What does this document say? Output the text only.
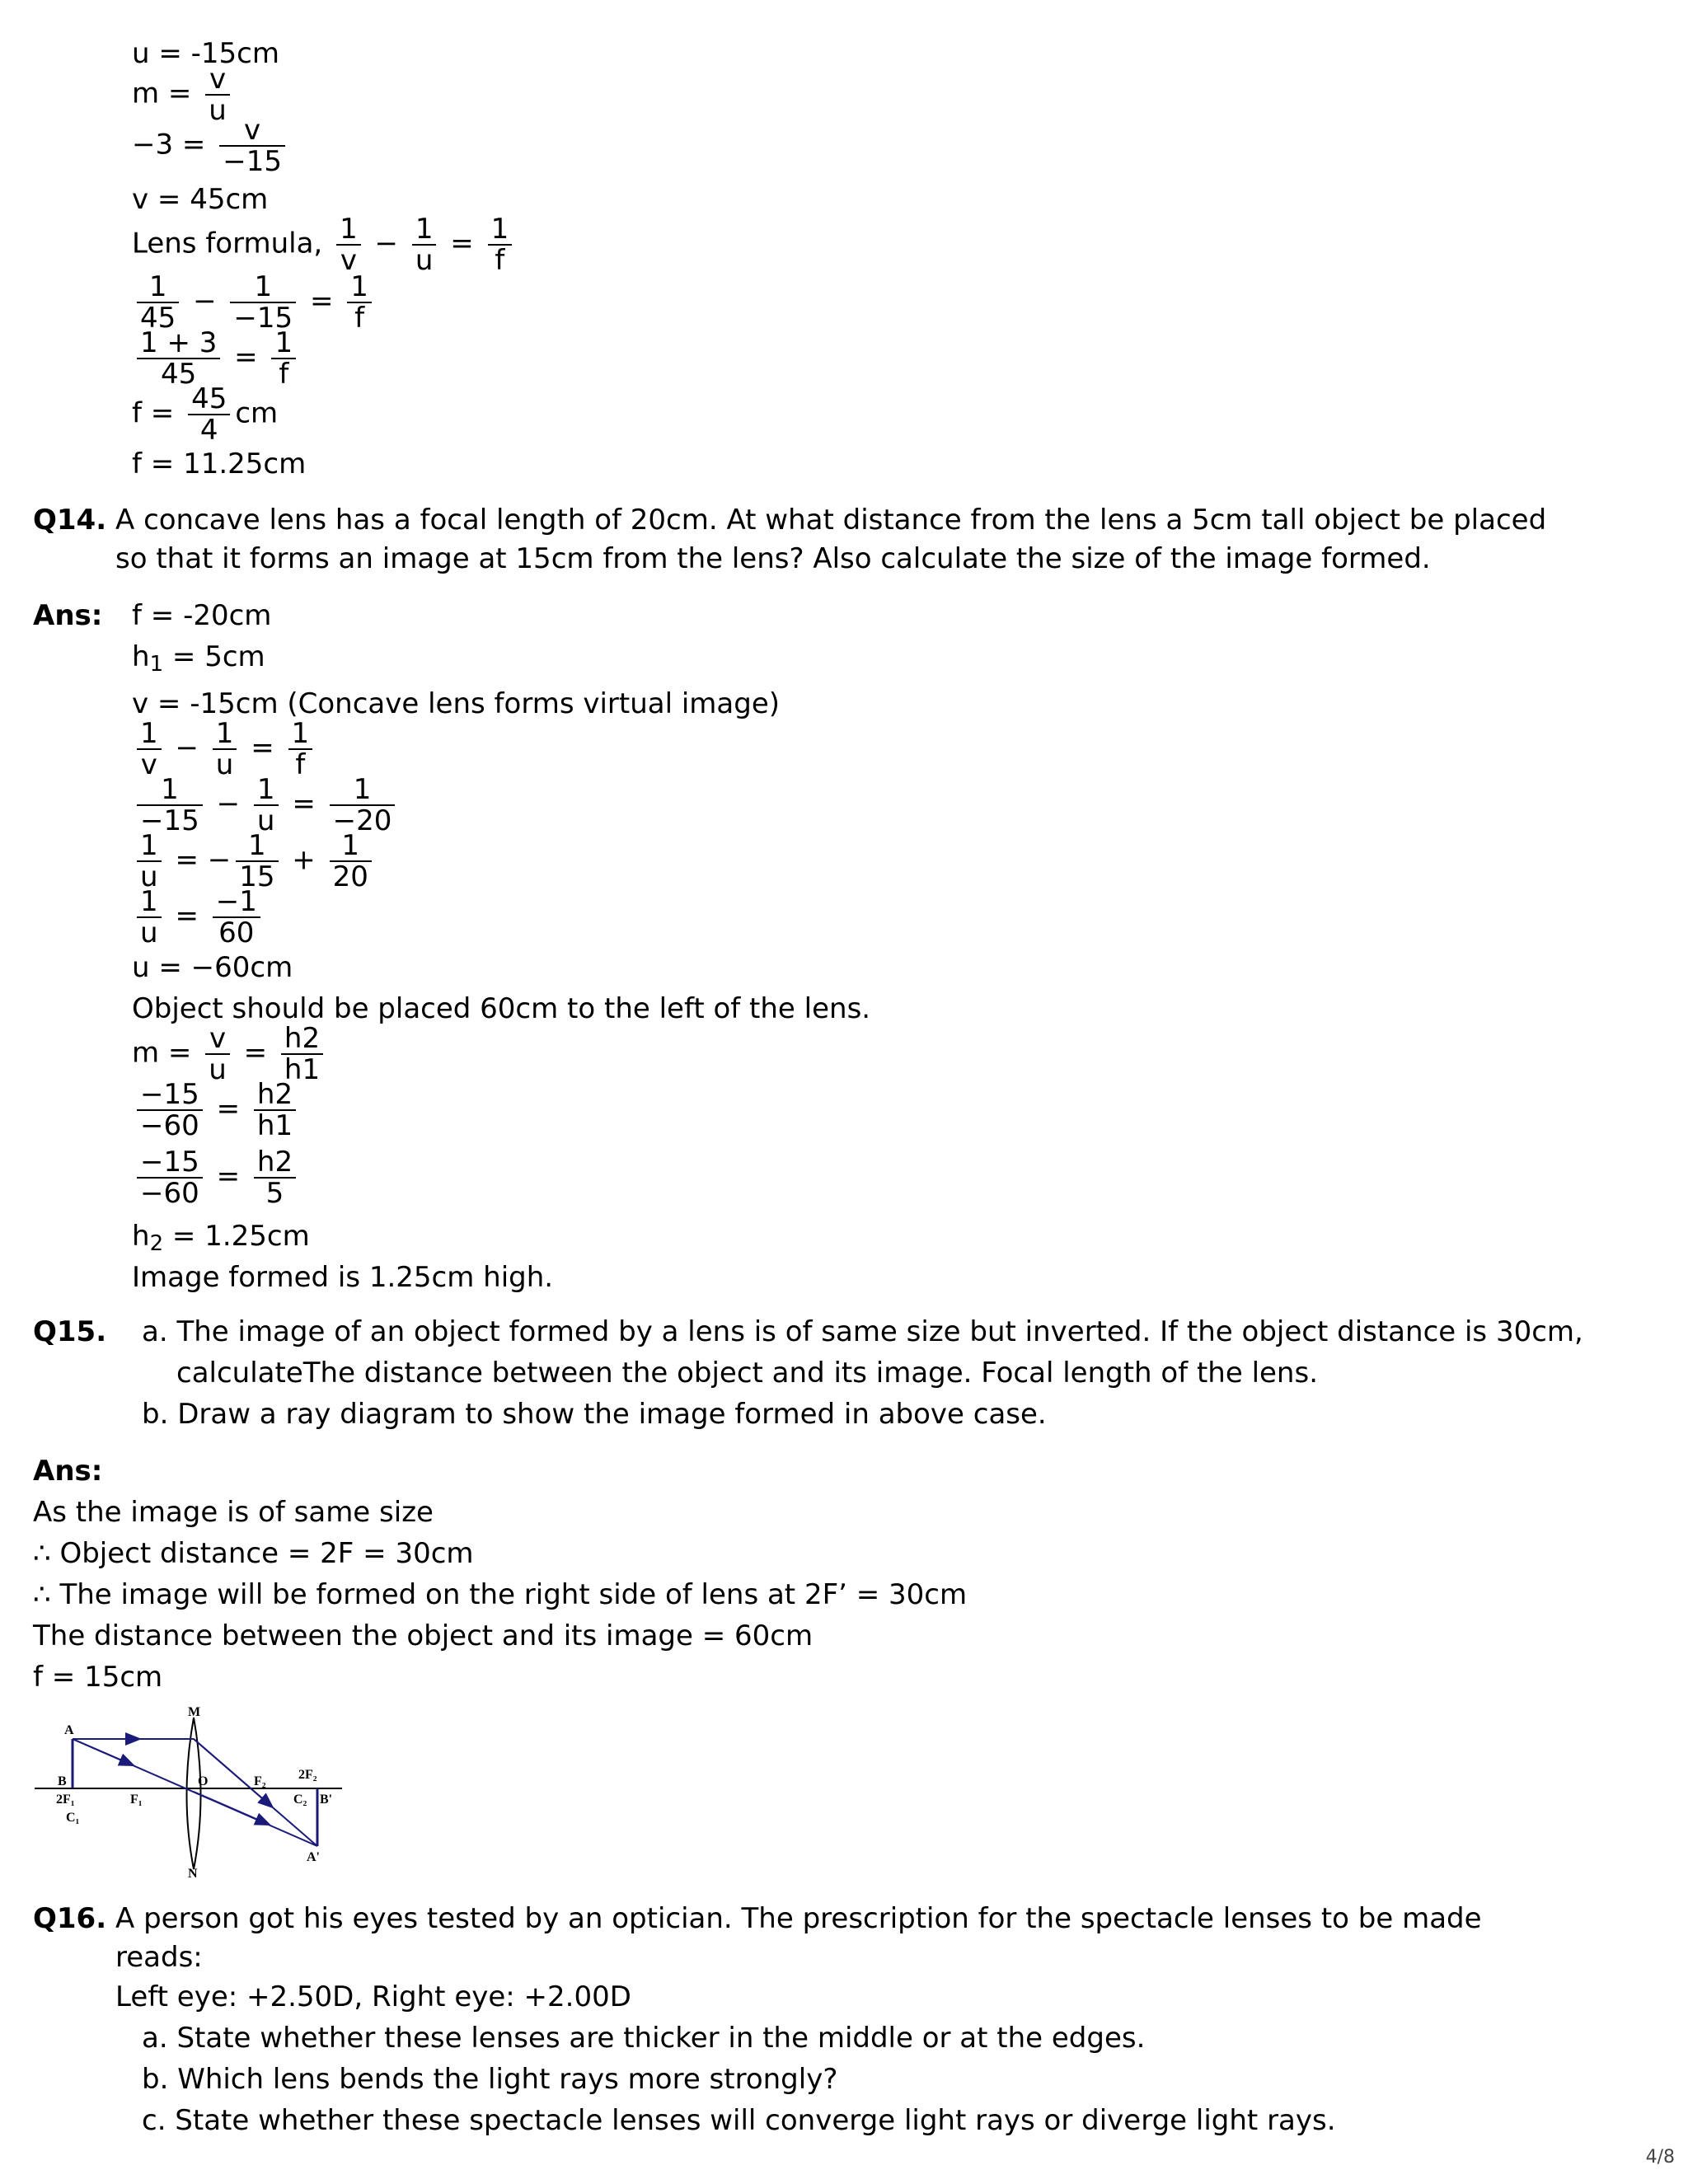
u = -15cm
$m = \frac{v}{u}$
$-3 = \frac{v}{-15}$
v = 45cm
Lens formula, $\frac{1}{v} - \frac{1}{u} = \frac{1}{f}$
$\frac{1}{45} - \frac{1}{-15} = \frac{1}{f}$
$\frac{1 + 3}{45} = \frac{1}{f}$
$f = \frac{45}{4}$ cm
f = 11.25cm
Q14. A concave lens has a focal length of 20cm. At what distance from the lens a 5cm tall object be placed
so that it forms an image at 15cm from the lens? Also calculate the size of the image formed.
Ans: f = -20cm
$h_1 = 5cm$
v = -15cm (Concave lens forms virtual image)
$\frac{1}{v} - \frac{1}{u} = \frac{1}{f}$
$\frac{1}{-15} - \frac{1}{u} = \frac{1}{-20}$
$\frac{1}{u}$ = − $\frac{1}{15} + \frac{1}{20}$
$\frac{1}{u} = \frac{-1}{60}$
u = −60cm
Object should be placed 60cm to the left of the lens.
$m = \frac{v}{u} = \frac{h2}{h1}$
$\frac{-15}{-60} = \frac{h2}{h1}$
$\frac{-15}{-60} = \frac{h2}{5}$
$h_2 = 1.25cm$
Image formed is 1.25cm high.
Q15. a. The image of an object formed by a lens is of same size but inverted. If the object distance is 30cm,
calculateThe distance between the object and its image. Focal length of the lens.
b. Draw a ray diagram to show the image formed in above case.
Ans:
As the image is of same size
∴ Object distance = 2F = 30cm
∴ The image will be formed on the right side of lens at 2F’ = 30cm
The distance between the object and its image = 60cm
f = 15cm
A
B
2F₁
C₁
F₁
M
N
O	F₂ 2F₂
C₂ B'
A'
Q16. A person got his eyes tested by an optician. The prescription for the spectacle lenses to be made
reads:
Left eye: +2.50D, Right eye: +2.00D
a. State whether these lenses are thicker in the middle or at the edges.
b. Which lens bends the light rays more strongly?
c. State whether these spectacle lenses will converge light rays or diverge light rays.
4/8
